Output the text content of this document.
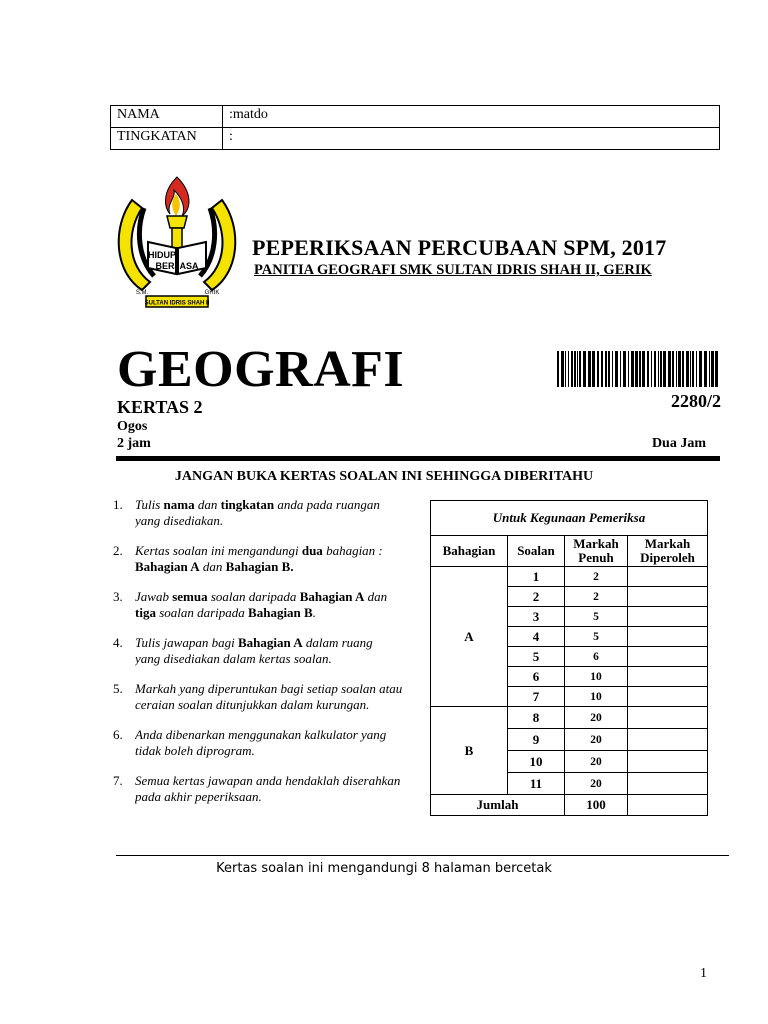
NAMA	:matdo
TINGKATAN	:
HIDUP
BERJASA
S.M.	GRIK
SULTAN IDRIS SHAH II
PEPERIKSAAN PERCUBAAN SPM, 2017
PANITIA GEOGRAFI SMK SULTAN IDRIS SHAH II, GERIK
GEOGRAFI
KERTAS 2
Ogos
2 jam
2280/2
Dua Jam
JANGAN BUKA KERTAS SOALAN INI SEHINGGA DIBERITAHU
1. Tulis nama dan tingkatan anda pada ruangan
yang disediakan.
2. Kertas soalan ini mengandungi dua bahagian :
Bahagian A dan Bahagian B.
3. Jawab semua soalan daripada Bahagian A dan
tiga soalan daripada Bahagian B.
4. Tulis jawapan bagi Bahagian A dalam ruang
yang disediakan dalam kertas soalan.
5. Markah yang diperuntukan bagi setiap soalan atau
ceraian soalan ditunjukkan dalam kurungan.
6. Anda dibenarkan menggunakan kalkulator yang
tidak boleh diprogram.
7. Semua kertas jawapan anda hendaklah diserahkan
pada akhir peperiksaan.
Untuk Kegunaan Pemeriksa			
Bahagian	Soalan	Markah Penuh	Markah Diperoleh
A	1	2	
	2	2	
	3	5	
	4	5	
	5	6	
	6	10	
	7	10	
B	8	20	
	9	20	
	10	20	
	11	20	
Jumlah		100	
Kertas soalan ini mengandungi 8 halaman bercetak
1
